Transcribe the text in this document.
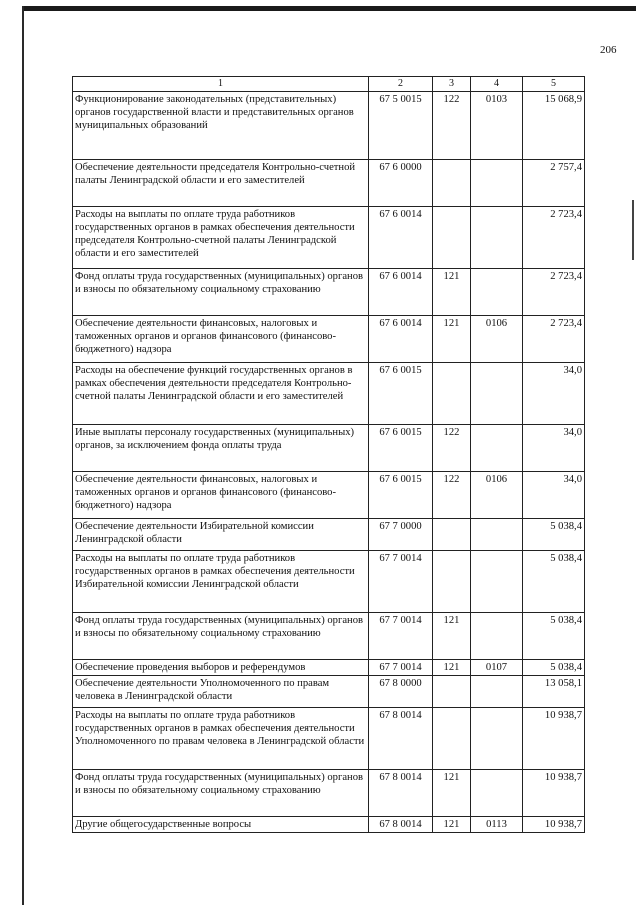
206
1	2	3	4	5
Функционирование законодательных (представительных) органов государственной власти и представительных органов муниципальных образований	67 5 0015	122	0103	15 068,9
Обеспечение деятельности председателя Контрольно-счетной палаты Ленинградской области и его заместителей	67 6 0000			2 757,4
Расходы на выплаты по оплате труда работников государственных органов в рамках обеспечения деятельности председателя Контрольно-счетной палаты Ленинградской области и его заместителей	67 6 0014			2 723,4
Фонд оплаты труда государственных (муниципальных) органов и взносы по обязательному социальному страхованию	67 6 0014	121		2 723,4
Обеспечение деятельности финансовых, налоговых и таможенных органов и органов финансового (финансово-бюджетного) надзора	67 6 0014	121	0106	2 723,4
Расходы на обеспечение функций государственных органов в рамках обеспечения деятельности председателя Контрольно-счетной палаты Ленинградской области и его заместителей	67 6 0015			34,0
Иные выплаты персоналу государственных (муниципальных) органов, за исключением фонда оплаты труда	67 6 0015	122		34,0
Обеспечение деятельности финансовых, налоговых и таможенных органов и органов финансового (финансово-бюджетного) надзора	67 6 0015	122	0106	34,0
Обеспечение деятельности Избирательной комиссии Ленинградской области	67 7 0000			5 038,4
Расходы на выплаты по оплате труда работников государственных органов в рамках обеспечения деятельности Избирательной комиссии Ленинградской области	67 7 0014			5 038,4
Фонд оплаты труда государственных (муниципальных) органов и взносы по обязательному социальному страхованию	67 7 0014	121		5 038,4
Обеспечение проведения выборов и референдумов	67 7 0014	121	0107	5 038,4
Обеспечение деятельности Уполномоченного по правам человека в Ленинградской области	67 8 0000			13 058,1
Расходы на выплаты по оплате труда работников государственных органов в рамках обеспечения деятельности Уполномоченного по правам человека в Ленинградской области	67 8 0014			10 938,7
Фонд оплаты труда государственных (муниципальных) органов и взносы по обязательному социальному страхованию	67 8 0014	121		10 938,7
Другие общегосударственные вопросы	67 8 0014	121	0113	10 938,7
